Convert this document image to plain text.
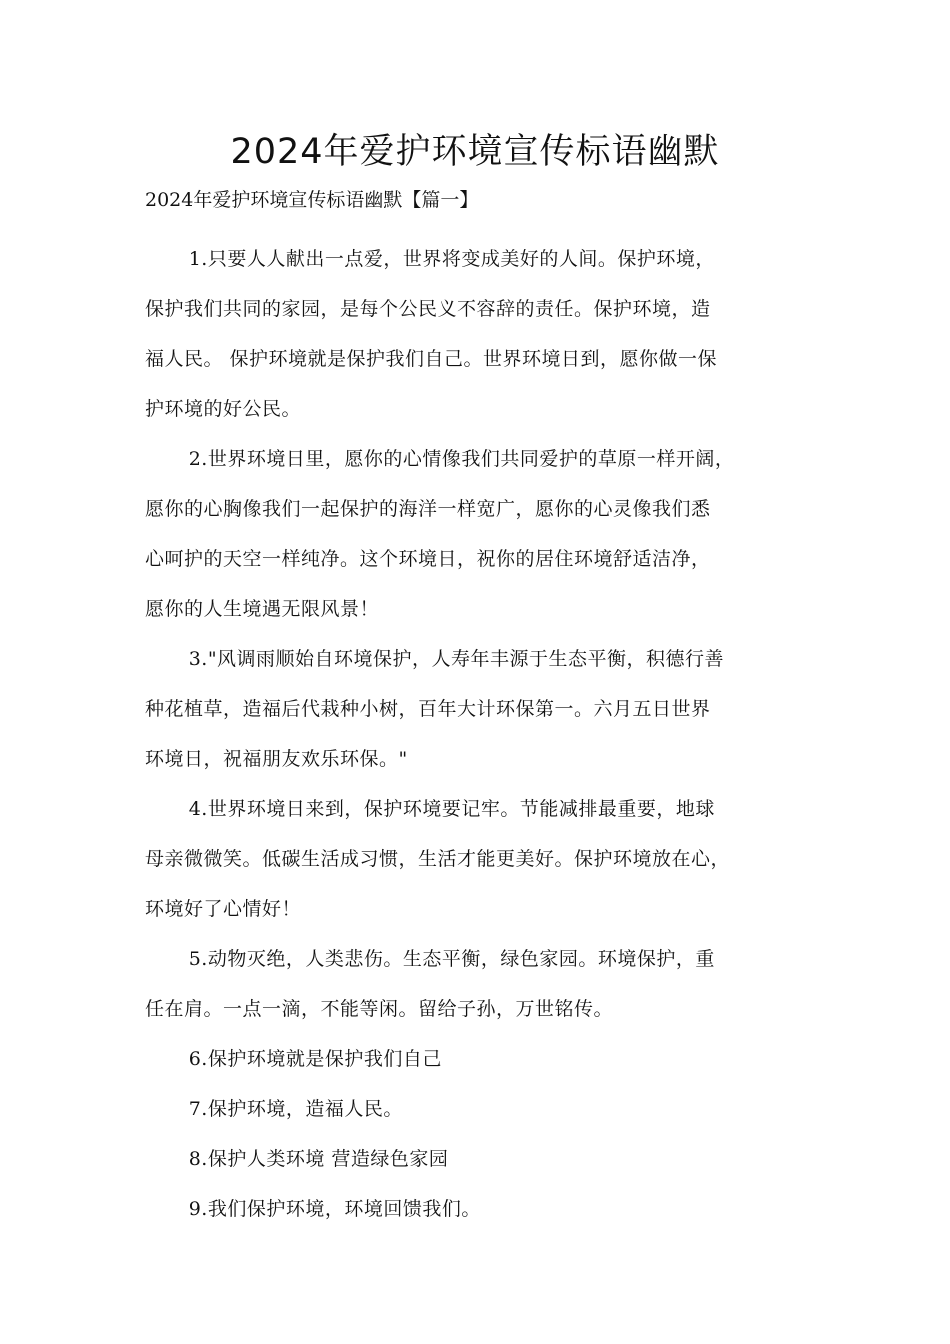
2024年爱护环境宣传标语幽默

2024年爱护环境宣传标语幽默【篇一】

1.只要人人献出一点爱，世界将变成美好的人间。保护环境，
保护我们共同的家园，是每个公民义不容辞的责任。保护环境，造
福人民。 保护环境就是保护我们自己。世界环境日到，愿你做一保
护环境的好公民。

2.世界环境日里，愿你的心情像我们共同爱护的草原一样开阔，
愿你的心胸像我们一起保护的海洋一样宽广，愿你的心灵像我们悉
心呵护的天空一样纯净。这个环境日，祝你的居住环境舒适洁净，
愿你的人生境遇无限风景！

3."风调雨顺始自环境保护，人寿年丰源于生态平衡，积德行善
种花植草，造福后代栽种小树，百年大计环保第一。六月五日世界
环境日，祝福朋友欢乐环保。"

4.世界环境日来到，保护环境要记牢。节能减排最重要，地球
母亲微微笑。低碳生活成习惯，生活才能更美好。保护环境放在心，
环境好了心情好！

5.动物灭绝，人类悲伤。生态平衡，绿色家园。环境保护，重
任在肩。一点一滴，不能等闲。留给子孙，万世铭传。

6.保护环境就是保护我们自己

7.保护环境，造福人民。

8.保护人类环境 营造绿色家园

9.我们保护环境，环境回馈我们。
